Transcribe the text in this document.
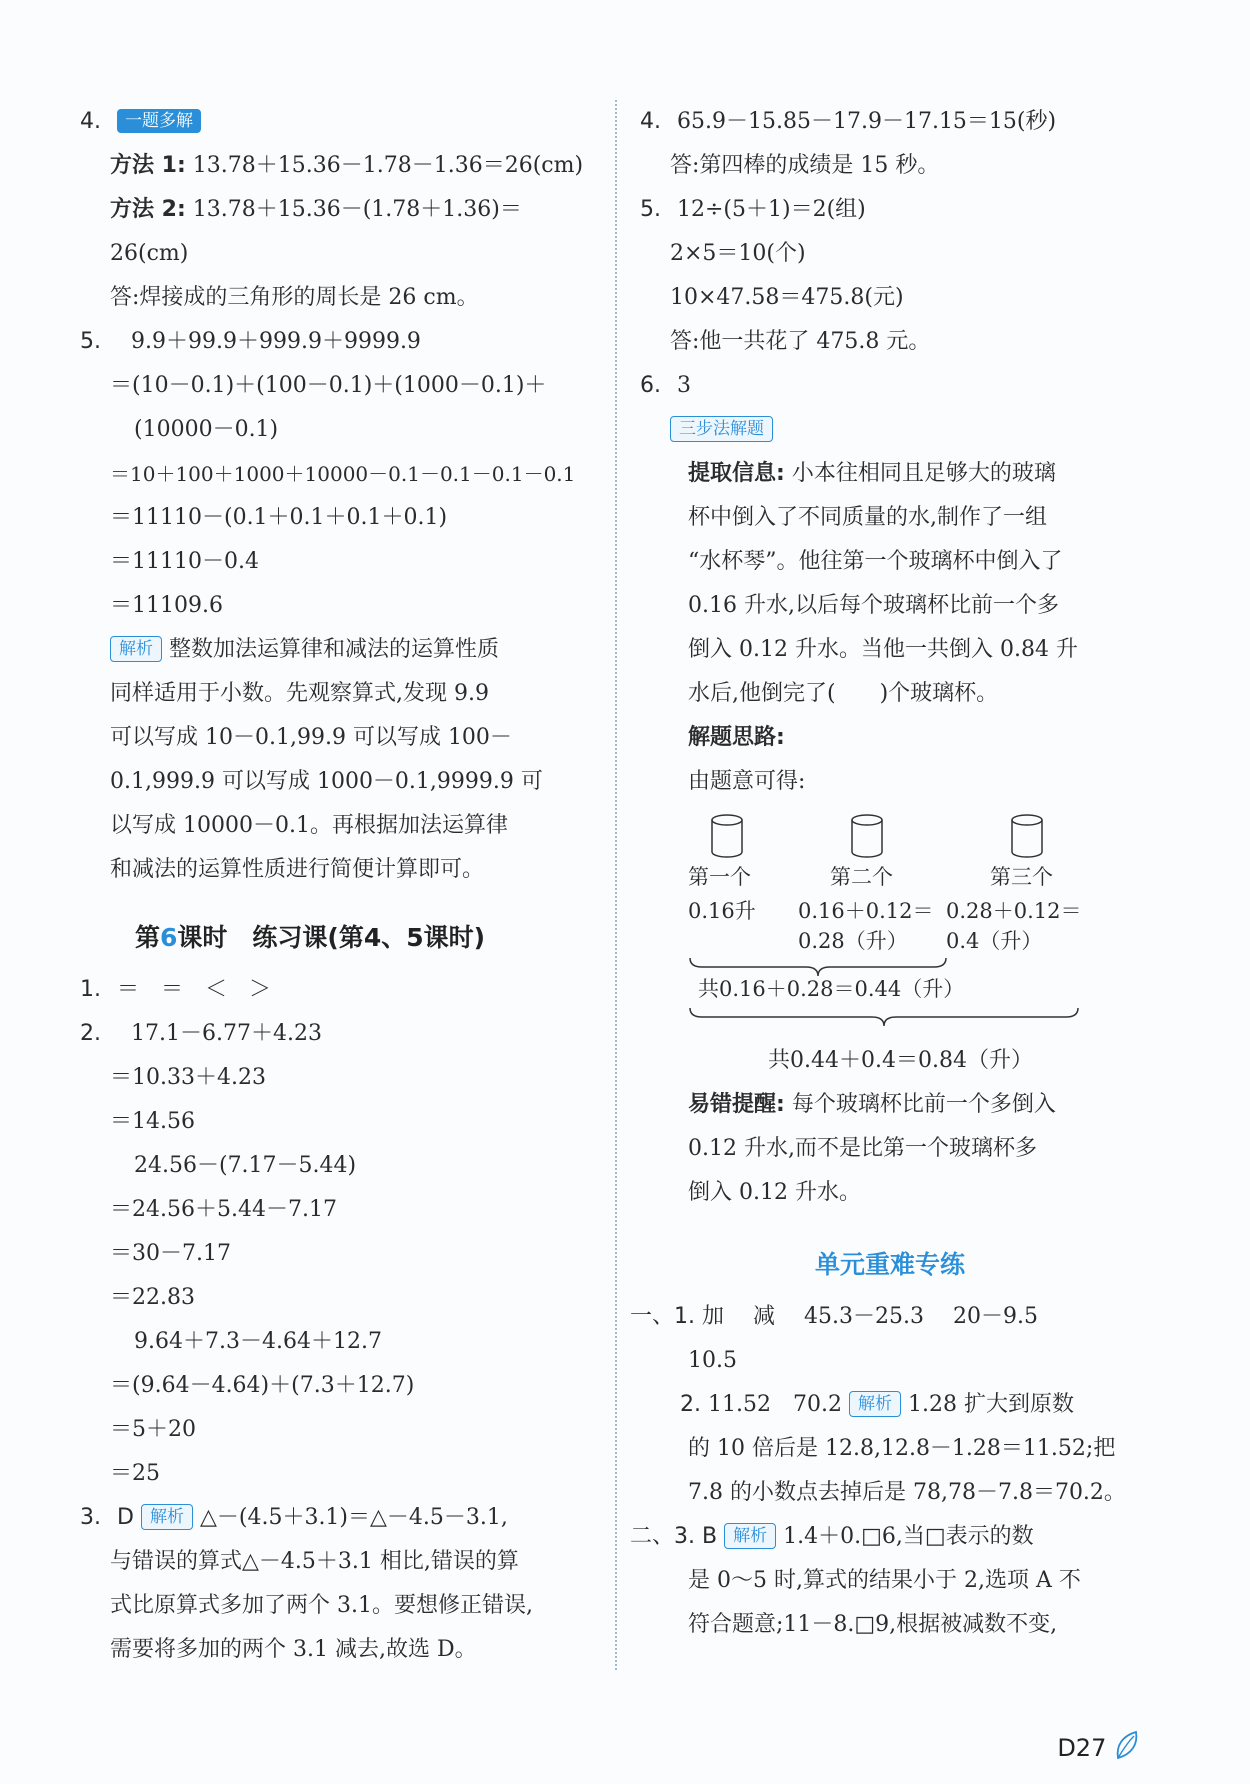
4. 一题多解
方法 1: 13.78＋15.36－1.78－1.36＝26(cm)
方法 2: 13.78＋15.36－(1.78＋1.36)＝
26(cm)
答:焊接成的三角形的周长是 26 cm。
5. 9.9＋99.9＋999.9＋9999.9
＝(10－0.1)＋(100－0.1)＋(1000－0.1)＋
(10000－0.1)
＝10＋100＋1000＋10000－0.1－0.1－0.1－0.1
＝11110－(0.1＋0.1＋0.1＋0.1)
＝11110－0.4
＝11109.6
解析 整数加法运算律和减法的运算性质
同样适用于小数。先观察算式,发现 9.9
可以写成 10－0.1,99.9 可以写成 100－
0.1,999.9 可以写成 1000－0.1,9999.9 可
以写成 10000－0.1。再根据加法运算律
和减法的运算性质进行简便计算即可。
第6课时　练习课(第4、5课时)
1. ＝　＝　＜　＞
2. 17.1－6.77＋4.23
＝10.33＋4.23
＝14.56
24.56－(7.17－5.44)
＝24.56＋5.44－7.17
＝30－7.17
＝22.83
9.64＋7.3－4.64＋12.7
＝(9.64－4.64)＋(7.3＋12.7)
＝5＋20
＝25
3. D 解析 △－(4.5＋3.1)＝△－4.5－3.1,
与错误的算式△－4.5＋3.1 相比,错误的算
式比原算式多加了两个 3.1。要想修正错误,
需要将多加的两个 3.1 减去,故选 D。
4. 65.9－15.85－17.9－17.15＝15(秒)
答:第四棒的成绩是 15 秒。
5. 12÷(5＋1)＝2(组)
2×5＝10(个)
10×47.58＝475.8(元)
答:他一共花了 475.8 元。
6. 3
三步法解题
提取信息: 小本往相同且足够大的玻璃
杯中倒入了不同质量的水,制作了一组
“水杯琴”。他往第一个玻璃杯中倒入了
0.16 升水,以后每个玻璃杯比前一个多
倒入 0.12 升水。当他一共倒入 0.84 升
水后,他倒完了(　　)个玻璃杯。
解题思路:
由题意可得:
第一个	第二个	第三个
0.16升 0.16＋0.12＝
0.28（升）
0.28＋0.12＝
0.4（升）
共0.16＋0.28＝0.44（升）
共0.44＋0.4＝0.84（升）
易错提醒: 每个玻璃杯比前一个多倒入
0.12 升水,而不是比第一个玻璃杯多
倒入 0.12 升水。
单元重难专练
一、1. 加　 减　 45.3－25.3　 20－9.5
10.5
2. 11.52　70.2 解析 1.28 扩大到原数
的 10 倍后是 12.8,12.8－1.28＝11.52;把
7.8 的小数点去掉后是 78,78－7.8＝70.2。
二、3. B 解析 1.4＋0.□6,当□表示的数
是 0～5 时,算式的结果小于 2,选项 A 不
符合题意;11－8.□9,根据被减数不变,
D27
